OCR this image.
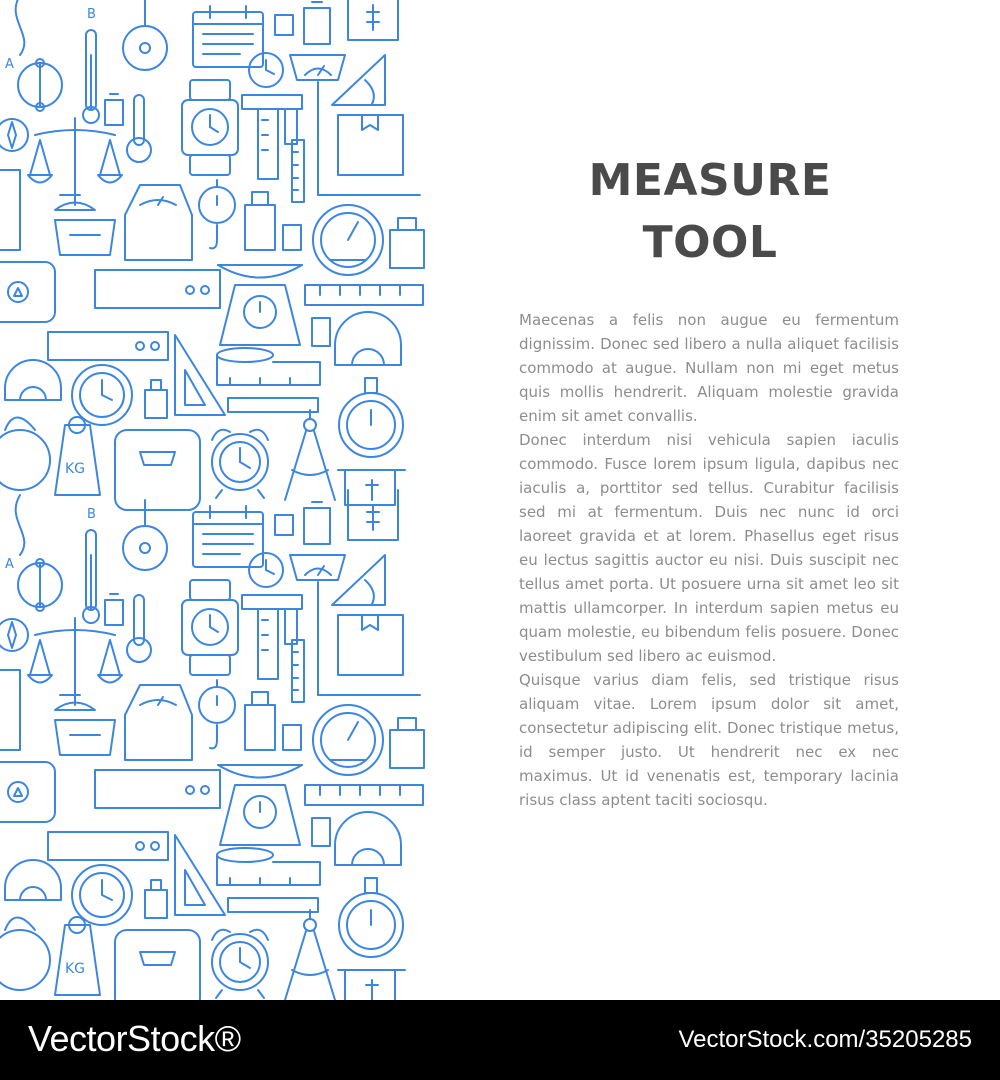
KG
KG
A
A
B
B
MEASURE
TOOL

Maecenas a felis non augue eu fermentum dignissim. Donec sed libero a nulla aliquet facilisis commodo at augue. Nullam non mi eget metus quis mollis hendrerit. Aliquam molestie gravida enim sit amet convallis.

Donec interdum nisi vehicula sapien iaculis commodo. Fusce lorem ipsum ligula, dapibus nec iaculis a, porttitor sed tellus. Curabitur facilisis sed mi at fermentum. Duis nec nunc id orci laoreet gravida et at lorem. Phasellus eget risus eu lectus sagittis auctor eu nisi. Duis suscipit nec tellus amet porta. Ut posuere urna sit amet leo sit mattis ullamcorper. In interdum sapien metus eu quam molestie, eu bibendum felis posuere. Donec vestibulum sed libero ac euismod.

Quisque varius diam felis, sed tristique risus aliquam vitae. Lorem ipsum dolor sit amet, consectetur adipiscing elit. Donec tristique metus, id semper justo. Ut hendrerit nec ex nec maximus. Ut id venenatis est, temporary lacinia risus class aptent taciti sociosqu.

VectorStock®	VectorStock.com/35205285
